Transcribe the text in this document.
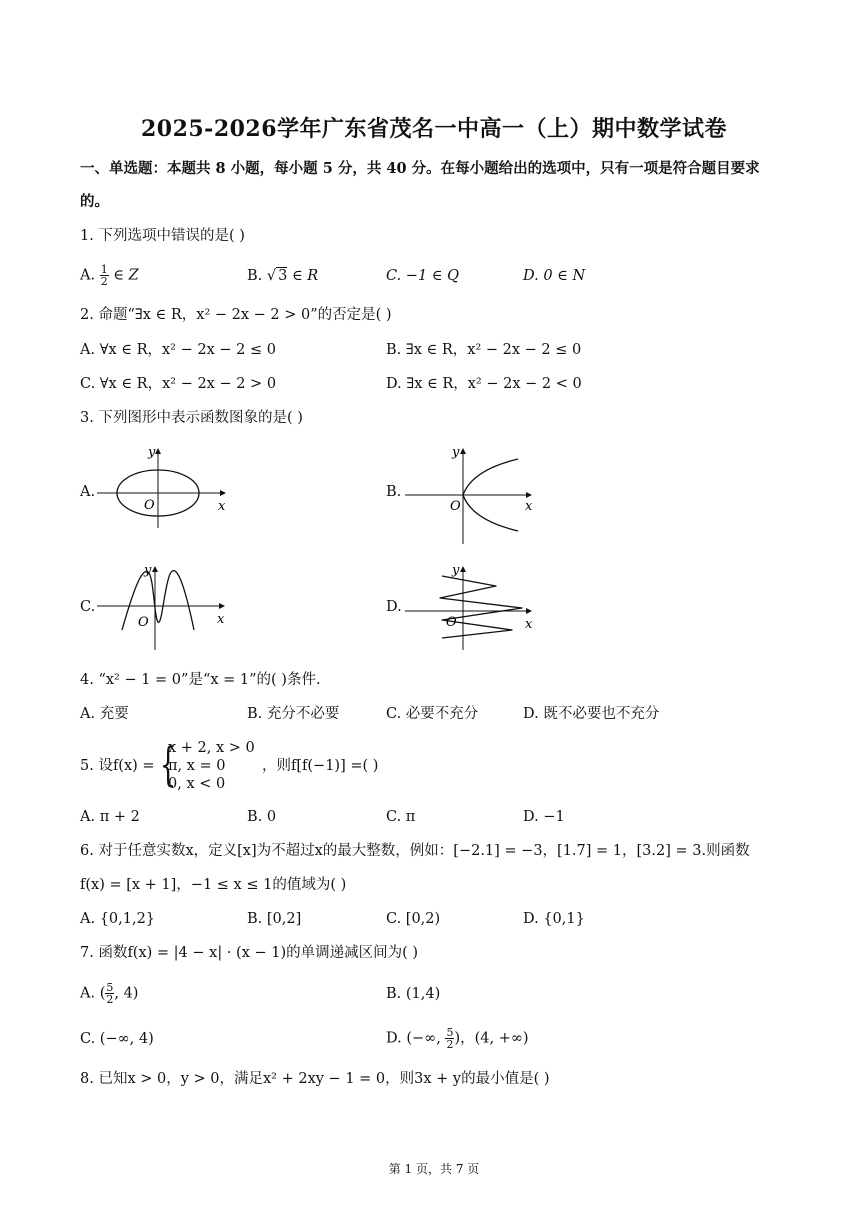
2025-2026学年广东省茂名一中高一（上）期中数学试卷
一、单选题：本题共 8 小题，每小题 5 分，共 40 分。在每小题给出的选项中，只有一项是符合题目要求
的。
1. 下列选项中错误的是( )
A. $\frac{1}{2}$ ∈ Z	B. √ 3 ∈ R	C. −1 ∈ Q	D. 0 ∈ N
2. 命题“∃x ∈ R，x² − 2x − 2 > 0”的否定是( )
A. ∀x ∈ R，x² − 2x − 2 ≤ 0	B. ∃x ∈ R，x² − 2x − 2 ≤ 0
C. ∀x ∈ R，x² − 2x − 2 > 0	D. ∃x ∈ R，x² − 2x − 2 < 0
3. 下列图形中表示函数图象的是( )
A.
x
y
O
B.
x
y
O
C.
x
y
O
D.
x
y
O
4. “x² − 1 = 0”是“x = 1”的( )条件.
A. 充要	B. 充分不必要	C. 必要不充分	D. 既不必要也不充分
5. 设f(x) = {
x + 2, x > 0
π, x = 0
0, x < 0
，则f[f(−1)] =( )
A. π + 2	B. 0	C. π	D. −1
6. 对于任意实数x，定义[x]为不超过x的最大整数，例如：[−2.1] = −3，[1.7] = 1，[3.2] = 3.则函数
f(x) = [x + 1]，−1 ≤ x ≤ 1的值域为( )
A. {0,1,2}	B. [0,2]	C. [0,2)	D. {0,1}
7. 函数f(x) = |4 − x| · (x − 1)的单调递减区间为( )
A. ( $\frac{5}{2}$ , 4)	B. (1,4)
C. (−∞, 4)	D. (−∞, $\frac{5}{2}$ )，(4, +∞)
8. 已知x > 0，y > 0，满足x² + 2xy − 1 = 0，则3x + y的最小值是( )
第 1 页，共 7 页
